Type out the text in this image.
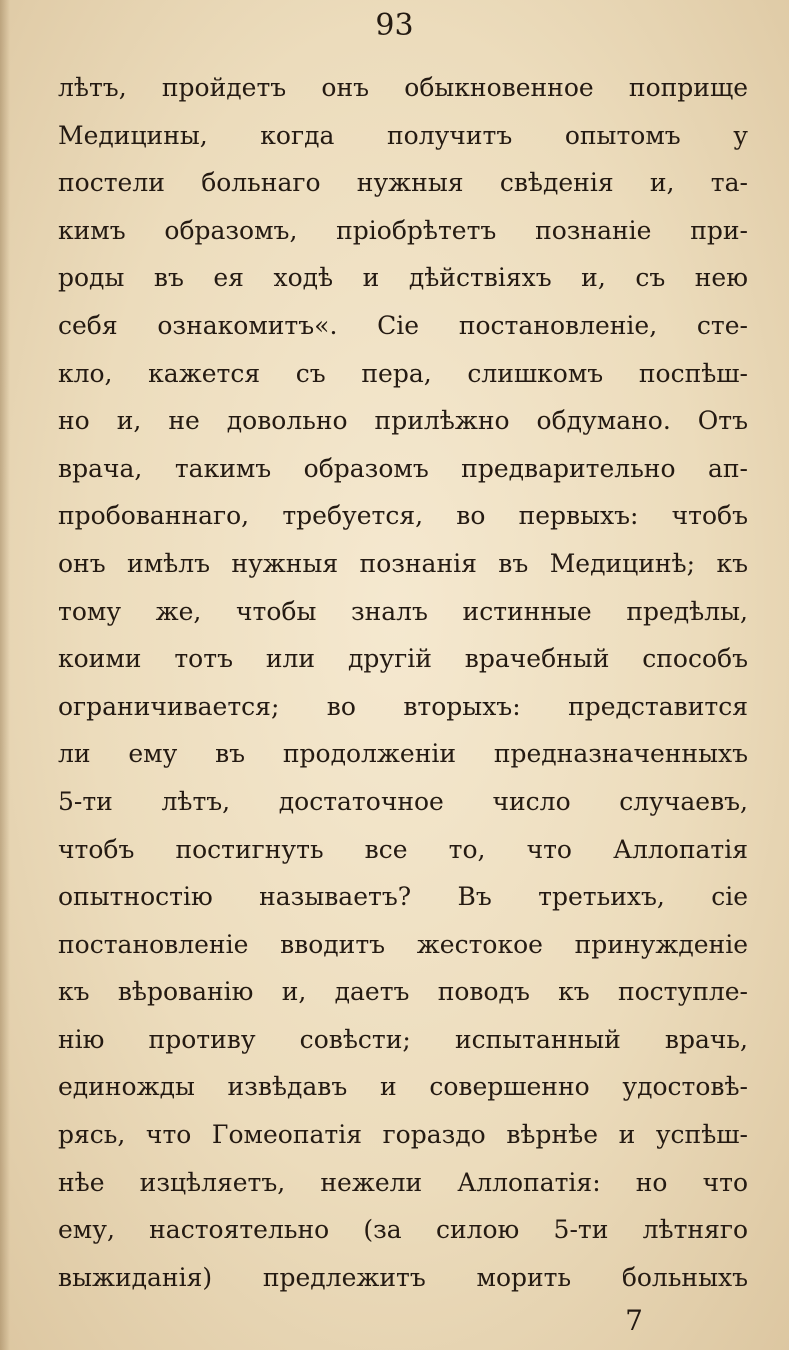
93
лѣтъ, пройдетъ онъ обыкновенное поприще
Медицины, когда получитъ опытомъ у
постели больнаго нужныя свѣденія и, та-
кимъ образомъ, пріобрѣтетъ познаніе при-
роды въ ея ходѣ и дѣйствіяхъ и, съ нею
себя ознакомитъ«. Сіе постановленіе, сте-
кло, кажется съ пера, слишкомъ поспѣш-
но и, не довольно прилѣжно обдумано. Отъ
врача, такимъ образомъ предварительно ап-
пробованнаго, требуется, во первыхъ: чтобъ
онъ имѣлъ нужныя познанія въ Медицинѣ; къ
тому же, чтобы зналъ истинные предѣлы,
коими тотъ или другій врачебный способъ
ограничивается; во вторыхъ: представится
ли ему въ продолженіи предназначенныхъ
5-ти лѣтъ, достаточное число случаевъ,
чтобъ постигнуть все то, что Аллопатія
опытностію называетъ? Въ третьихъ, сіе
постановленіе вводитъ жестокое принужденіе
къ вѣрованію и, даетъ поводъ къ поступле-
нію противу совѣсти; испытанный врачь,
единожды извѣдавъ и совершенно удостовѣ-
рясь, что Гомеопатія гораздо вѣрнѣе и успѣш-
нѣе изцѣляетъ, нежели Аллопатія: но что
ему, настоятельно (за силою 5-ти лѣтняго
выжиданія) предлежитъ морить больныхъ
7
